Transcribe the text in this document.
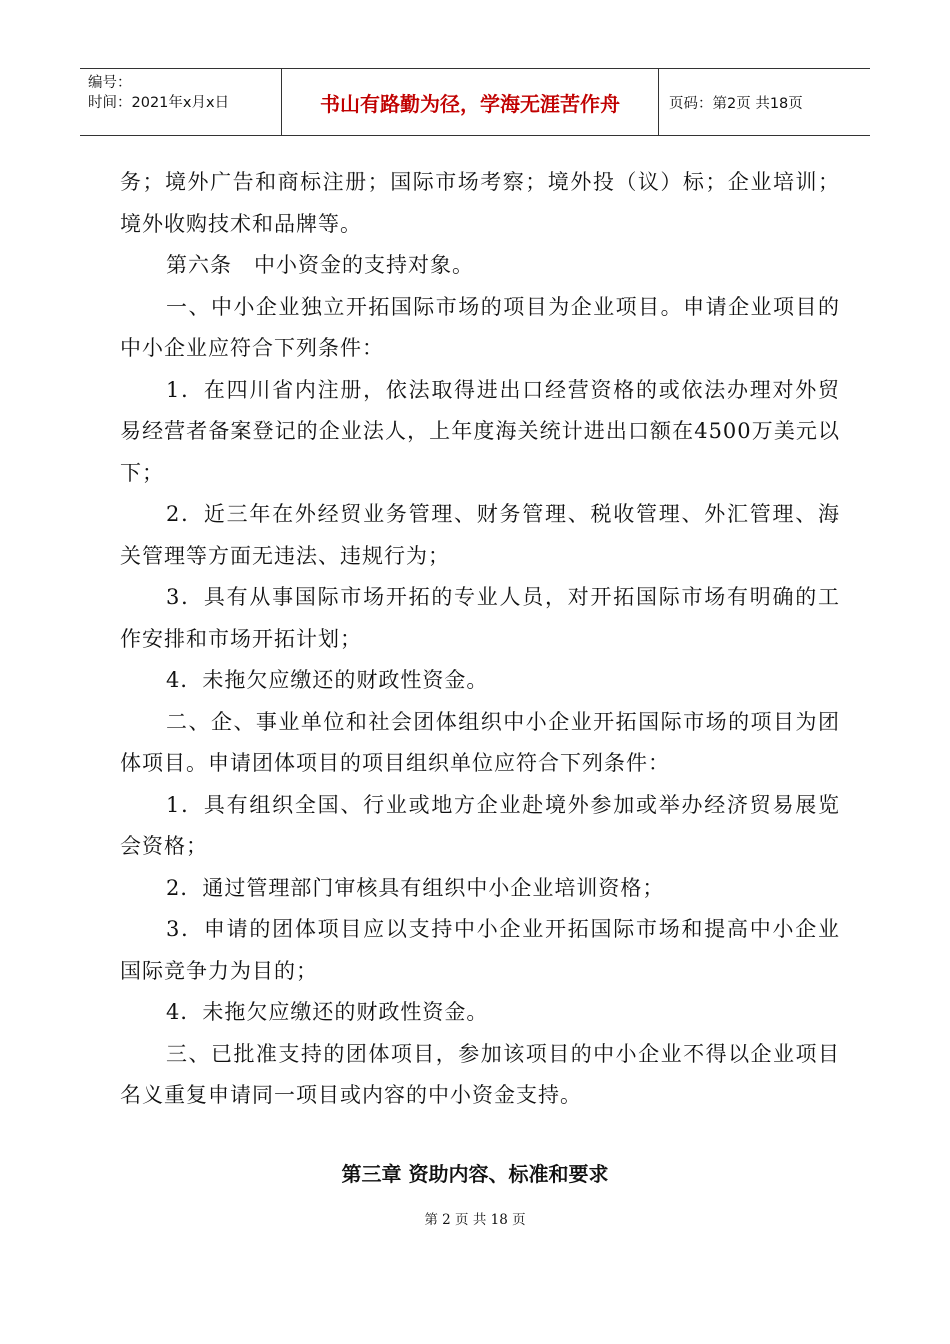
编号：
时间：2021年x月x日	书山有路勤为径，学海无涯苦作舟	页码：第2页 共18页

务；境外广告和商标注册；国际市场考察；境外投（议）标；企业培训；境外收购技术和品牌等。

第六条　中小资金的支持对象。

一、中小企业独立开拓国际市场的项目为企业项目。申请企业项目的中小企业应符合下列条件：

1．在四川省内注册，依法取得进出口经营资格的或依法办理对外贸易经营者备案登记的企业法人，上年度海关统计进出口额在4500万美元以下；

2．近三年在外经贸业务管理、财务管理、税收管理、外汇管理、海关管理等方面无违法、违规行为；

3．具有从事国际市场开拓的专业人员，对开拓国际市场有明确的工作安排和市场开拓计划；

4．未拖欠应缴还的财政性资金。

二、企、事业单位和社会团体组织中小企业开拓国际市场的项目为团体项目。申请团体项目的项目组织单位应符合下列条件：

1．具有组织全国、行业或地方企业赴境外参加或举办经济贸易展览会资格；

2．通过管理部门审核具有组织中小企业培训资格；

3．申请的团体项目应以支持中小企业开拓国际市场和提高中小企业国际竞争力为目的；

4．未拖欠应缴还的财政性资金。

三、已批准支持的团体项目，参加该项目的中小企业不得以企业项目名义重复申请同一项目或内容的中小资金支持。

第三章 资助内容、标准和要求
第 2 页 共 18 页
